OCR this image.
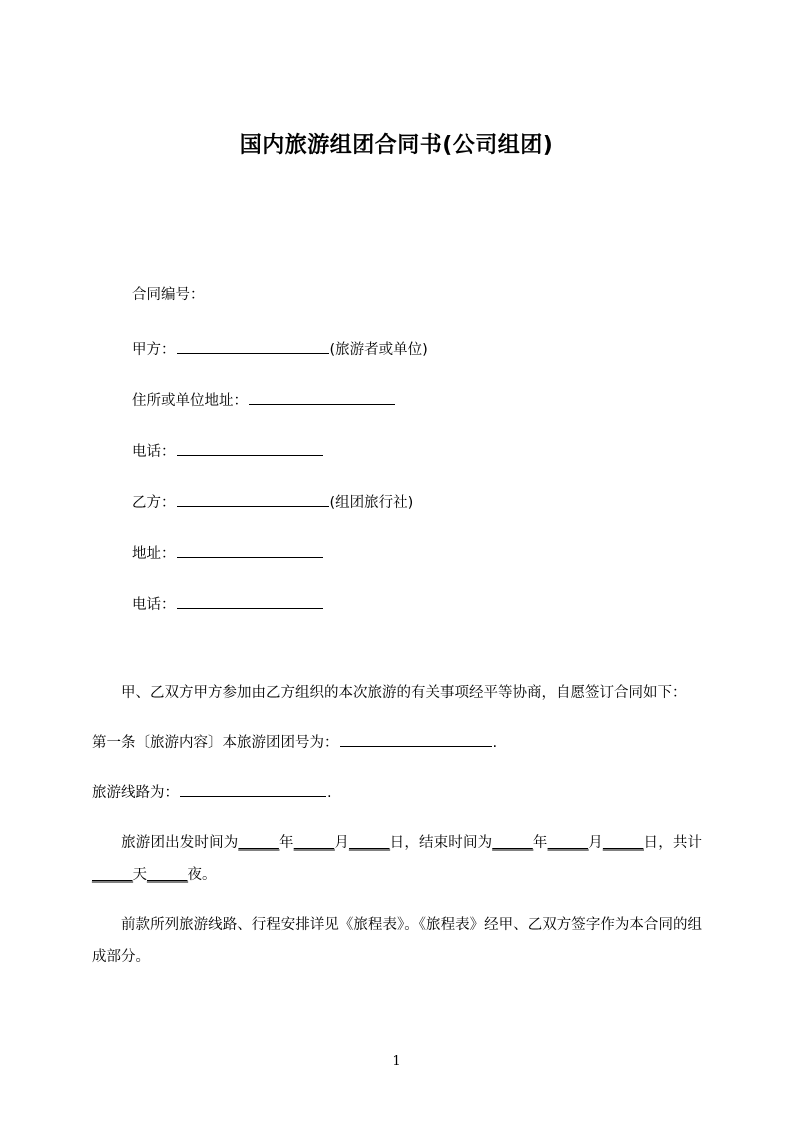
国内旅游组团合同书(公司组团)
合同编号：
甲方：	(旅游者或单位)
住所或单位地址：
电话：
乙方：	(组团旅行社)
地址：
电话：

甲、乙双方甲方参加由乙方组织的本次旅游的有关事项经平等协商，自愿签订合同如下：

第一条〔旅游内容〕本旅游团团号为：	.

旅游线路为：	.

旅游团出发时间为______年______月______日，结束时间为______年______月______日，共计______天______夜。

前款所列旅游线路、行程安排详见《旅程表》。《旅程表》经甲、乙双方签字作为本合同的组成部分。

1
